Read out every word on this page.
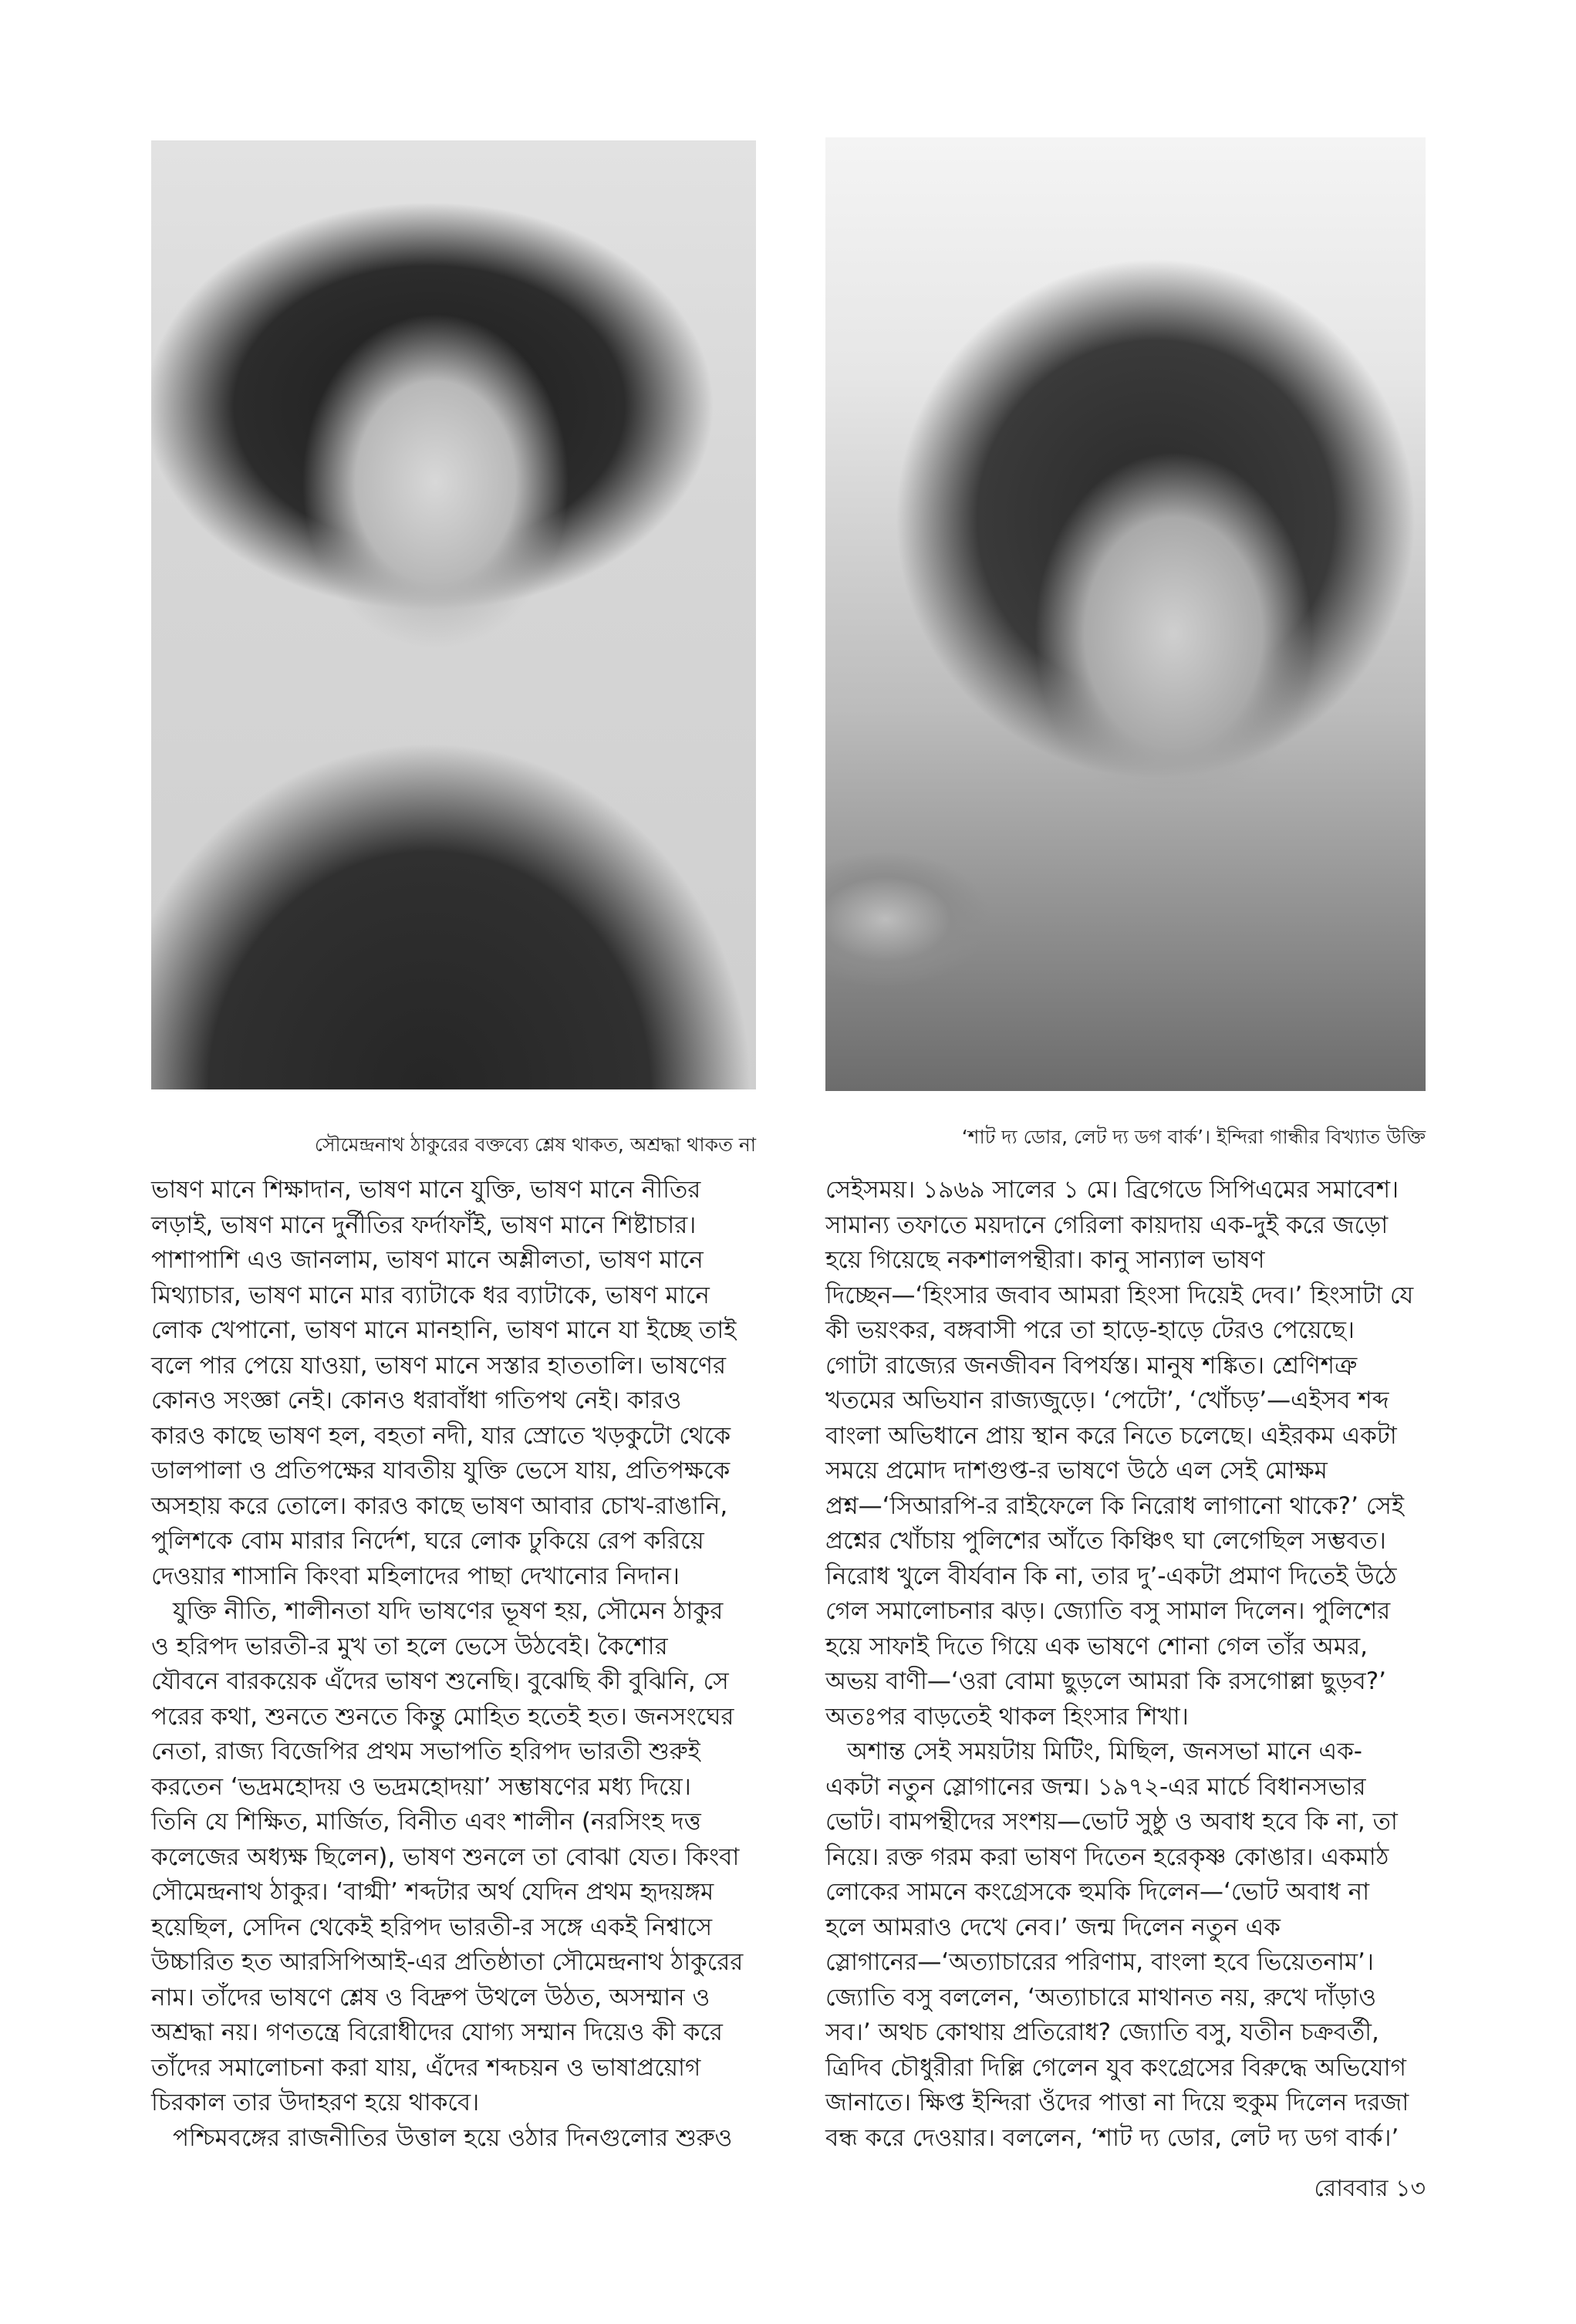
সৌমেন্দ্রনাথ ঠাকুরের বক্তব্যে শ্লেষ থাকত, অশ্রদ্ধা থাকত না	‘শাট দ্য ডোর, লেট দ্য ডগ বার্ক’। ইন্দিরা গান্ধীর বিখ্যাত উক্তি

ভাষণ মানে শিক্ষাদান, ভাষণ মানে যুক্তি, ভাষণ মানে নীতির

লড়াই, ভাষণ মানে দুর্নীতির ফর্দাফাঁই, ভাষণ মানে শিষ্টাচার।

পাশাপাশি এও জানলাম, ভাষণ মানে অশ্লীলতা, ভাষণ মানে

মিথ্যাচার, ভাষণ মানে মার ব্যাটাকে ধর ব্যাটাকে, ভাষণ মানে

লোক খেপানো, ভাষণ মানে মানহানি, ভাষণ মানে যা ইচ্ছে তাই

বলে পার পেয়ে যাওয়া, ভাষণ মানে সস্তার হাততালি। ভাষণের

কোনও সংজ্ঞা নেই। কোনও ধরাবাঁধা গতিপথ নেই। কারও

কারও কাছে ভাষণ হল, বহতা নদী, যার স্রোতে খড়কুটো থেকে

ডালপালা ও প্রতিপক্ষের যাবতীয় যুক্তি ভেসে যায়, প্রতিপক্ষকে

অসহায় করে তোলে। কারও কাছে ভাষণ আবার চোখ-রাঙানি,

পুলিশকে বোম মারার নির্দেশ, ঘরে লোক ঢুকিয়ে রেপ করিয়ে

দেওয়ার শাসানি কিংবা মহিলাদের পাছা দেখানোর নিদান।

যুক্তি নীতি, শালীনতা যদি ভাষণের ভূষণ হয়, সৌমেন ঠাকুর

ও হরিপদ ভারতী-র মুখ তা হলে ভেসে উঠবেই। কৈশোর

যৌবনে বারকয়েক এঁদের ভাষণ শুনেছি। বুঝেছি কী বুঝিনি, সে

পরের কথা, শুনতে শুনতে কিন্তু মোহিত হতেই হত। জনসংঘের

নেতা, রাজ্য বিজেপির প্রথম সভাপতি হরিপদ ভারতী শুরুই

করতেন ‘ভদ্রমহোদয় ও ভদ্রমহোদয়া’ সম্ভাষণের মধ্য দিয়ে।

তিনি যে শিক্ষিত, মার্জিত, বিনীত এবং শালীন (নরসিংহ দত্ত

কলেজের অধ্যক্ষ ছিলেন), ভাষণ শুনলে তা বোঝা যেত। কিংবা

সৌমেন্দ্রনাথ ঠাকুর। ‘বাগ্মী’ শব্দটার অর্থ যেদিন প্রথম হৃদয়ঙ্গম

হয়েছিল, সেদিন থেকেই হরিপদ ভারতী-র সঙ্গে একই নিশ্বাসে

উচ্চারিত হত আরসিপিআই-এর প্রতিষ্ঠাতা সৌমেন্দ্রনাথ ঠাকুরের

নাম। তাঁদের ভাষণে শ্লেষ ও বিদ্রুপ উথলে উঠত, অসম্মান ও

অশ্রদ্ধা নয়। গণতন্ত্রে বিরোধীদের যোগ্য সম্মান দিয়েও কী করে

তাঁদের সমালোচনা করা যায়, এঁদের শব্দচয়ন ও ভাষাপ্রয়োগ

চিরকাল তার উদাহরণ হয়ে থাকবে।

পশ্চিমবঙ্গের রাজনীতির উত্তাল হয়ে ওঠার দিনগুলোর শুরুও

সেইসময়। ১৯৬৯ সালের ১ মে। ব্রিগেডে সিপিএমের সমাবেশ।

সামান্য তফাতে ময়দানে গেরিলা কায়দায় এক-দুই করে জড়ো

হয়ে গিয়েছে নকশালপন্থীরা। কানু সান্যাল ভাষণ

দিচ্ছেন—‘হিংসার জবাব আমরা হিংসা দিয়েই দেব।’ হিংসাটা যে

কী ভয়ংকর, বঙ্গবাসী পরে তা হাড়ে-হাড়ে টেরও পেয়েছে।

গোটা রাজ্যের জনজীবন বিপর্যস্ত। মানুষ শঙ্কিত। শ্রেণিশত্রু

খতমের অভিযান রাজ্যজুড়ে। ‘পেটো’, ‘খোঁচড়’—এইসব শব্দ

বাংলা অভিধানে প্রায় স্থান করে নিতে চলেছে। এইরকম একটা

সময়ে প্রমোদ দাশগুপ্ত-র ভাষণে উঠে এল সেই মোক্ষম

প্রশ্ন—‘সিআরপি-র রাইফেলে কি নিরোধ লাগানো থাকে?’ সেই

প্রশ্নের খোঁচায় পুলিশের আঁতে কিঞ্চিৎ ঘা লেগেছিল সম্ভবত।

নিরোধ খুলে বীর্যবান কি না, তার দু’-একটা প্রমাণ দিতেই উঠে

গেল সমালোচনার ঝড়। জ্যোতি বসু সামাল দিলেন। পুলিশের

হয়ে সাফাই দিতে গিয়ে এক ভাষণে শোনা গেল তাঁর অমর,

অভয় বাণী—‘ওরা বোমা ছুড়লে আমরা কি রসগোল্লা ছুড়ব?’

অতঃপর বাড়তেই থাকল হিংসার শিখা।

অশান্ত সেই সময়টায় মিটিং, মিছিল, জনসভা মানে এক-

একটা নতুন স্লোগানের জন্ম। ১৯৭২-এর মার্চে বিধানসভার

ভোট। বামপন্থীদের সংশয়—ভোট সুষ্ঠু ও অবাধ হবে কি না, তা

নিয়ে। রক্ত গরম করা ভাষণ দিতেন হরেকৃষ্ণ কোঙার। একমাঠ

লোকের সামনে কংগ্রেসকে হুমকি দিলেন—‘ভোট অবাধ না

হলে আমরাও দেখে নেব।’ জন্ম দিলেন নতুন এক

স্লোগানের—‘অত্যাচারের পরিণাম, বাংলা হবে ভিয়েতনাম’।

জ্যোতি বসু বললেন, ‘অত্যাচারে মাথানত নয়, রুখে দাঁড়াও

সব।’ অথচ কোথায় প্রতিরোধ? জ্যোতি বসু, যতীন চক্রবর্তী,

ত্রিদিব চৌধুরীরা দিল্লি গেলেন যুব কংগ্রেসের বিরুদ্ধে অভিযোগ

জানাতে। ক্ষিপ্ত ইন্দিরা ওঁদের পাত্তা না দিয়ে হুকুম দিলেন দরজা

বন্ধ করে দেওয়ার। বললেন, ‘শাট দ্য ডোর, লেট দ্য ডগ বার্ক।’

রোববার ১৩
